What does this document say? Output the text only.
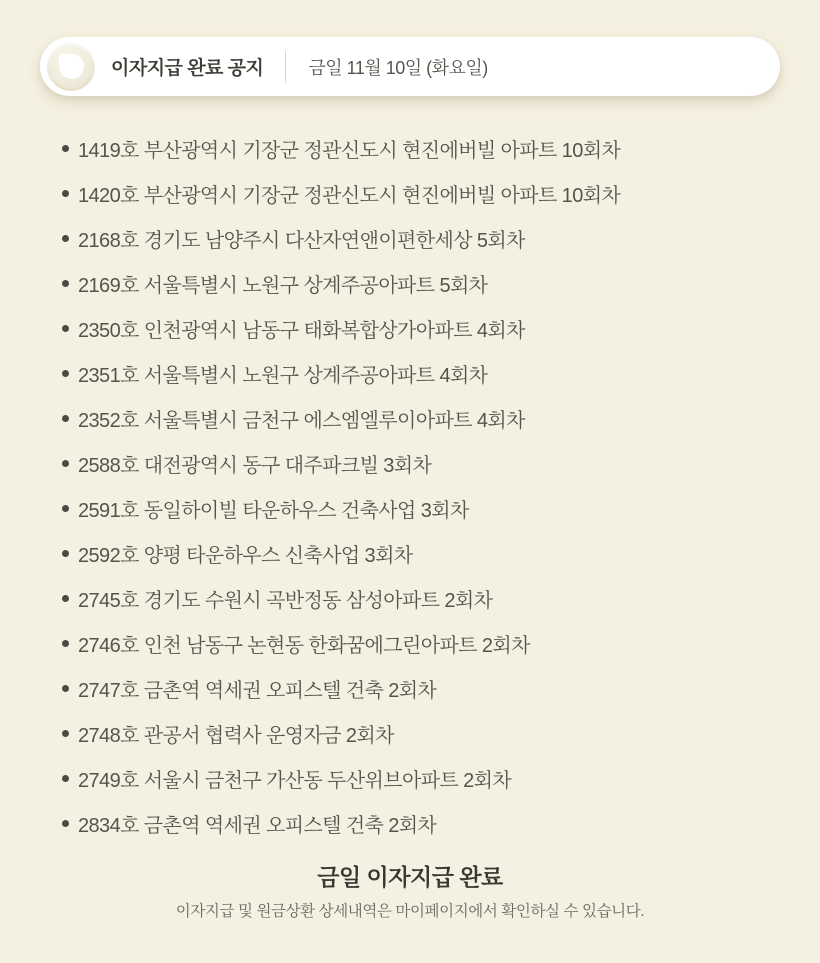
이자지급 완료 공지	금일 11월 10일 (화요일)
1419호 부산광역시 기장군 정관신도시 현진에버빌 아파트 10회차
1420호 부산광역시 기장군 정관신도시 현진에버빌 아파트 10회차
2168호 경기도 남양주시 다산자연앤이편한세상 5회차
2169호 서울특별시 노원구 상계주공아파트 5회차
2350호 인천광역시 남동구 태화복합상가아파트 4회차
2351호 서울특별시 노원구 상계주공아파트 4회차
2352호 서울특별시 금천구 에스엠엘루이아파트 4회차
2588호 대전광역시 동구 대주파크빌 3회차
2591호 동일하이빌 타운하우스 건축사업 3회차
2592호 양평 타운하우스 신축사업 3회차
2745호 경기도 수원시 곡반정동 삼성아파트 2회차
2746호 인천 남동구 논현동 한화꿈에그린아파트 2회차
2747호 금촌역 역세권 오피스텔 건축 2회차
2748호 관공서 협력사 운영자금 2회차
2749호 서울시 금천구 가산동 두산위브아파트 2회차
2834호 금촌역 역세권 오피스텔 건축 2회차
금일 이자지급 완료
이자지급 및 원금상환 상세내역은 마이페이지에서 확인하실 수 있습니다.
